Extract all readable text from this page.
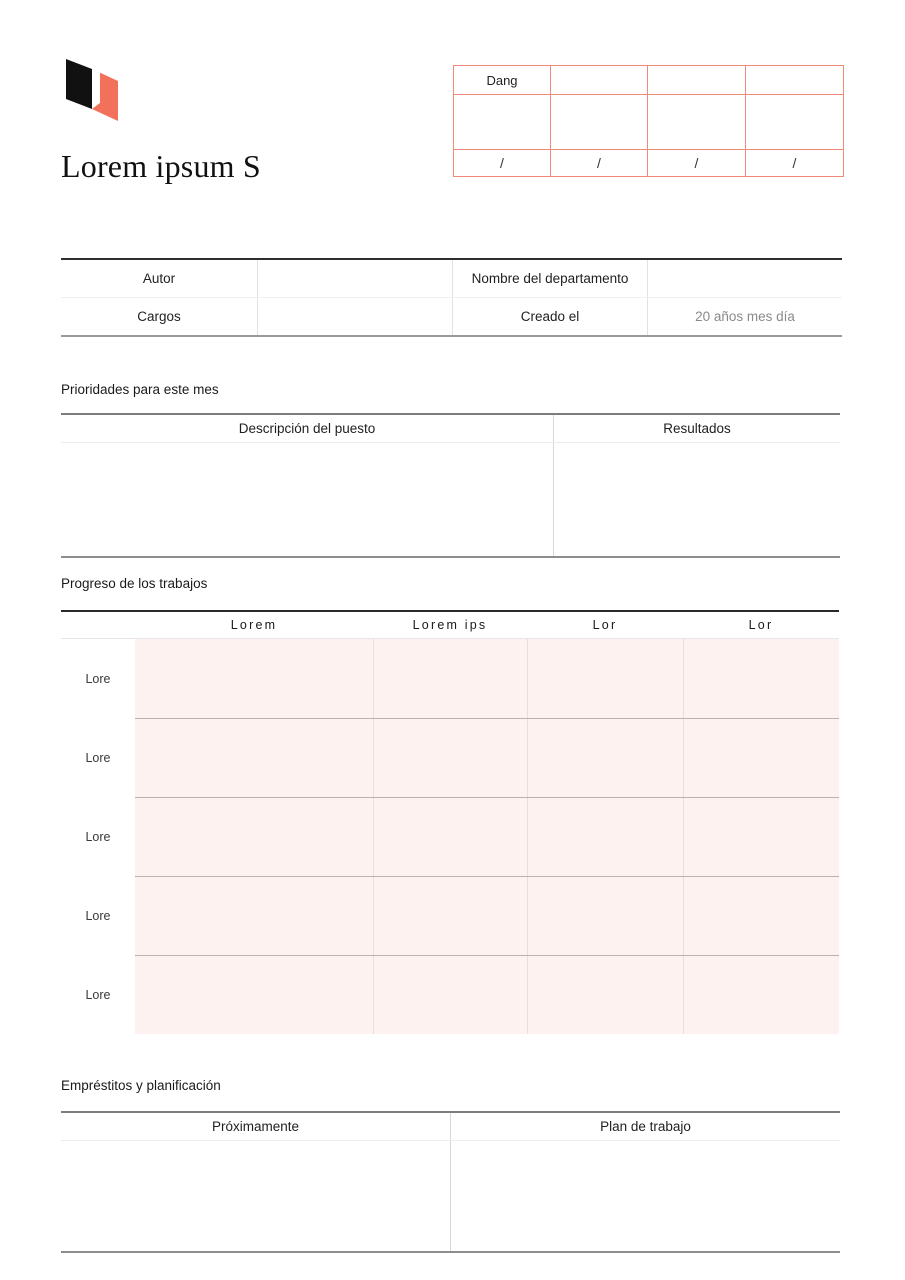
Lorem ipsum S
Dang			

/	/	/	/
Autor		Nombre del departamento	
Cargos		Creado el	20 años mes día
Prioridades para este mes
Descripción del puesto	Resultados

Progreso de los trabajos
	Lorem	Lorem ips	Lor	Lor
Lore				
Lore				
Lore				
Lore				
Lore				
Empréstitos y planificación
Próximamente	Plan de trabajo
